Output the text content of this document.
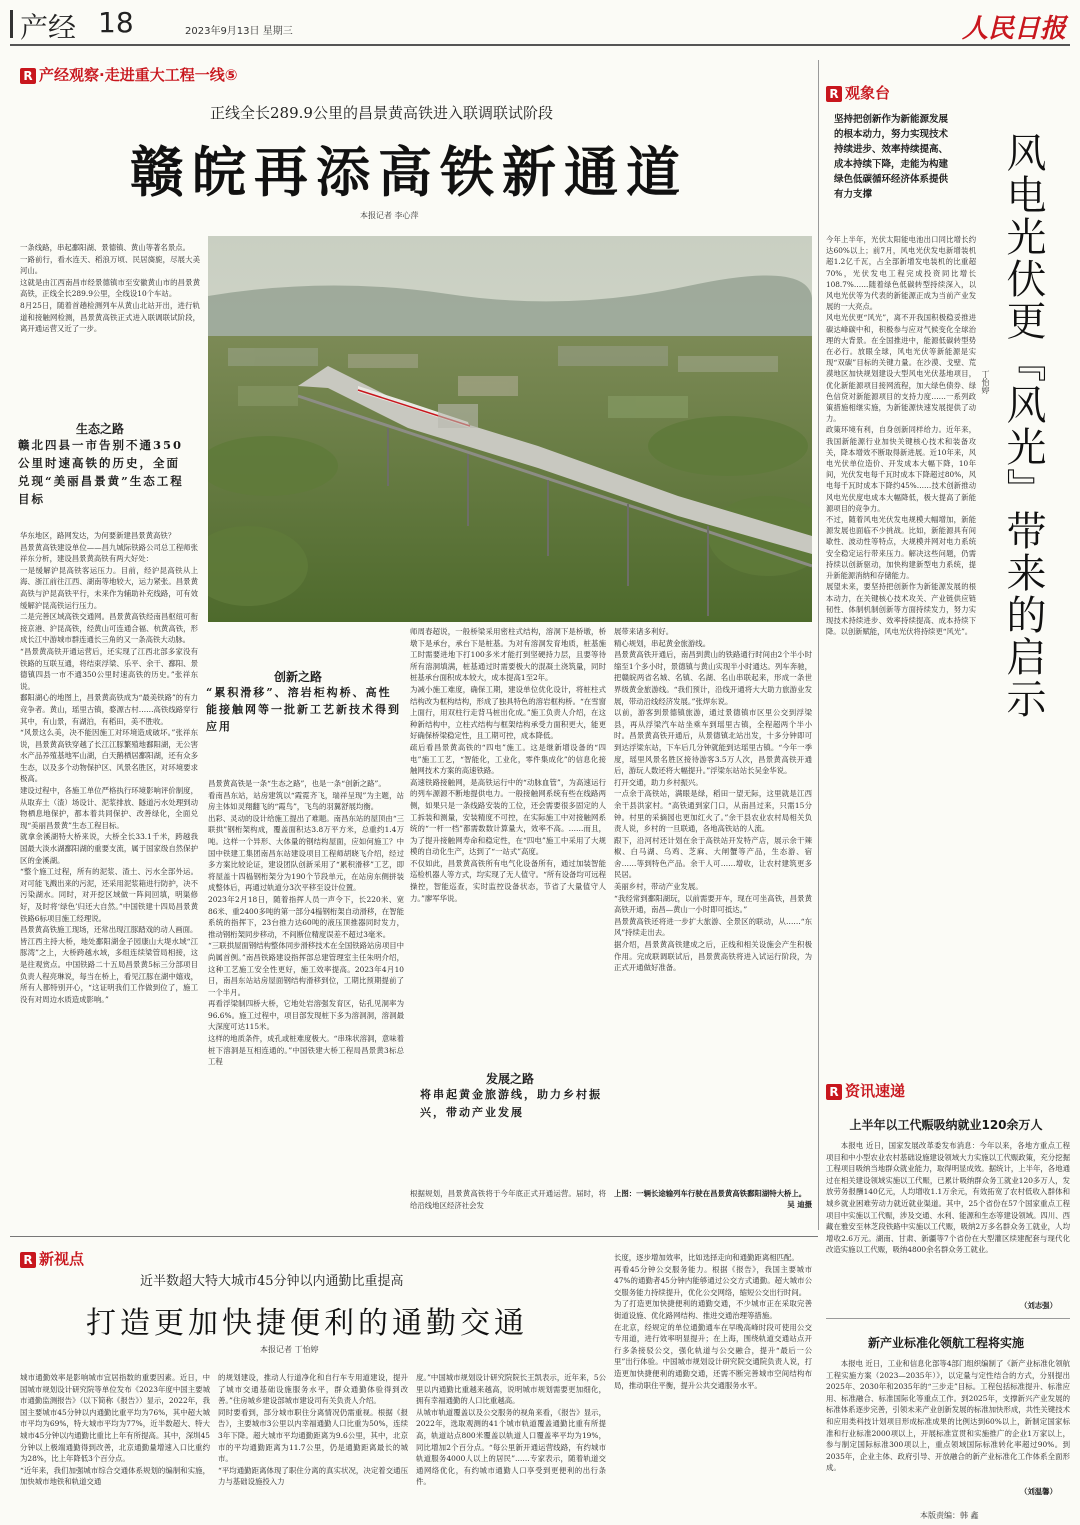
产经 18	2023年9月13日 星期三	人民日报
R 产经观察·走进重大工程一线⑤
正线全长289.9公里的昌景黄高铁进入联调联试阶段
赣皖再添高铁新通道
本报记者 李心萍
一条线路，串起鄱阳湖、景德镇、黄山等著名景点。
一路前行，看水连天、稻浪万顷、民居旖旎，尽展大美河山。
这就是由江西南昌市经景德镇市至安徽黄山市的昌景黄高铁，正线全长289.9公里，全线设10个车站。
8月25日，随着首趟检测列车从黄山北站开出，进行轨道和接触网检测，昌景黄高铁正式进入联调联试阶段，离开通运营又近了一步。
生态之路
赣北四县一市告别不通350公里时速高铁的历史，全面兑现“美丽昌景黄”生态工程目标
华东地区，路网发达，为何要新建昌景黄高铁？
昌景黄高铁建设单位——昌九城际铁路公司总工程师张祥东分析，建设昌景黄高铁有两大好处：
一是缓解沪昆高铁客运压力。目前，经沪昆高铁从上海、浙江前往江西、湖南等地较大，运力紧张。昌景黄高铁与沪昆高铁平行，未来作为辅助补充线路，可有效缓解沪昆高铁运行压力。
二是完善区域高铁交通网。昌景黄高铁经南昌枢纽可衔接京港、沪昆高铁，经黄山可连通合福、杭黄高铁，形成长江中游城市群连通长三角的又一条高铁大动脉。
“昌景黄高铁开通运营后，还实现了江西北部多家没有铁路的互联互通，将结束浮梁、乐平、余干、鄱阳、景德镇四县一市不通350公里时速高铁的历史。”张祥东说。
鄱阳湖心的地图上，昌景黄高铁成为“最美铁路”的有力竞争者。黄山，瑶里古镇，婺源古村……高铁线路穿行其中，有山景，有湖泊，有稻田，美不胜收。
“风景这么美，决不能因施工对环境造成破坏。”张祥东说，昌景黄高铁穿越了长江江豚繁殖地鄱阳湖，无公害水产品养殖基地军山湖，白天鹅栖居鄱阳湖，还有众多生态，以及多个动物保护区、风景名胜区，对环境要求极高。
建设过程中，各施工单位严格执行环境影响评价制度，从取弃土（渣）场设计、泥浆排放、隧道污水处理到动物栖息地保护，都本着共同保护、改善绿化，全面兑现“美丽昌景黄”生态工程目标。
就拿余溪湖特大桥来说，大桥全长33.1千米，跨越我国最大淡水湖鄱阳湖的重要支流，属于国家级自然保护区的金溪湖。
“整个施工过程，所有的泥浆、渣土、污水全部外运。对可能飞溅出来的污泥，还采用泥浆箱进行防护，决不污染湖水。同时，对开挖区域做一阵间回填，明渠修好，及时将‘绿色’归还大自然。”中国铁建十四局昌景黄铁路6标项目施工经理说。
昌景黄高铁施工现场，还常出现江豚踏戏的动人画面。
皆江西主持大桥，地处鄱阳湖金子园康山大堤水域“江豚湾”之上，大桥跨越水域，多组连续梁管局相接，这是往观赏点。中国铁路二十五局昌景黄5标三分部项目负责人程亮琳说，每当在桥上，看见江豚在湖中嬉戏，所有人都特别开心，“这证明我们工作做到位了，施工没有对周边水质造成影响。”
创新之路
“累积滑移”、溶岩柜构桥、高性能接触网等一批新工艺新技术得到应用
昌景黄高铁是一条“生态之路”，也是一条“创新之路”。
看南昌东站，站房建筑以“霞霓齐飞，瑞祥呈现”为主题，站房主体如灵翔翻飞的“霞鸟”，飞鸟的羽翼舒展均衡。
出彩、灵动的设计给施工提出了难题。南昌东站的屋顶由“三联拱”钢桁架构成，覆盖面积达3.8万平方米，总重约1.4万吨。这样一个异形、大体量的钢结构屋面，应如何施工？中国中铁建工集团南昌东站建设项目工程师胡晓飞介绍，经过多方案比较论证，建设团队创新采用了“累积滑移”工艺，即将屋盖十四榀钢桁架分为190个节段单元，在站房东侧拼装成整体后，再通过轨道分3次平移至设计位置。
2023年2月18日，随着指挥人员一声令下，长220米、宽86米、重2400多吨的第一部分4榀钢桁架自动滑移，在智能系统的指挥下，23台推力达60吨的液压顶推器同时发力，推动钢桁架同步移动，不间断位精度误差不超过3毫米。
“三联拱屋面钢结构整体同步滑移技术在全国铁路站房项目中尚属首例。”南昌铁路建设指挥部总建管理室主任朱明介绍，这种工艺施工安全性更好，施工效率提高。2023年4月10日，南昌东站站房屋面钢结构滑移到位，工期比预期提前了一个半月。
再看浮梁制四桥大桥，它地处岩溶强发育区，钻孔见洞率为96.6%。施工过程中，项目部发现桩下多为溶洞洞，溶洞最大深度可达115米。
这样的地质条件，成孔或桩难度极大。“串珠状溶洞，意味着桩下溶洞是互相连通的。”中国铁建大桥工程局昌景黄3标总工程
师周春超说，一般桥梁采用密柱式结构，溶洞下是桥墩，桥墩下是承台，承台下是桩基。为对有溶洞发育地质，桩基施工时需要进地下打100多米才能打到坚硬持力层，且要等待所有溶洞填满，桩基通过时需要极大的混凝土浇筑量，同时桩基承台面积成本较大，成本提高1至2年。
为减小施工难度，确保工期，建设单位优化设计，将桩柱式结构改为框构结构，形成了独具特色的溶岩框构桥。“在雪窗上面行，用双柱行走背马桩出化成。”施工负责人介绍，在这种新结构中，立柱式结构与框架结构承受力面积更大，能更好确保桥梁稳定性，且工期可控，成本降低。
疏后看昌景黄高铁的“四电”施工。这是继新增设备的“四电”施工工艺，“智能化，工业化，零件集成化”的信息化接触网技术方案的高速铁路。
高速铁路接触网，是高铁运行中的“动脉血管”，为高速运行的列车源源不断地提供电力。一般接触网系统有些在线路两侧，如果只是一条线路安装的工位，还会需要很多固定的人工拆装和测量，安装精度不可控，在实际施工中对接触网系统的“一杆一档”都需数数计算量大，效率不高。……而且，为了提升接触网寿命和稳定性，在“四电”施工中采用了大规模的自动化生产，达到了“一站式”高度。
不仅如此，昌景黄高铁所有电气化设备所有，通过加装智能巡检机器人等方式，均实现了无人值守。“所有设备均可远程操控，智能巡查，实时监控设备状态，节省了大量值守人力。”廖军华说。
发展之路
将串起黄金旅游线，助力乡村振兴，带动产业发展
根据规划，昌景黄高铁将于今年底正式开通运营。届时，将给沿线地区经济社会发
展带来诸多利好。
精心规划，串起黄金旅游线。
昌景黄高铁开通后，南昌到黄山的铁路通行时间由2个半小时缩至1个多小时，景德镇与黄山实现半小时通达。列车奔驰，把赣皖两省名城、名镇、名湖、名山串联起来，形成一条世界级黄金旅游线。“我们预计，沿线开通将大大助力旅游业发展，带动沿线经济发展。”张焊东说。
以前，游客到景德镇旅游，通过景德镇市区里公交到浮梁县，再从浮梁汽车站坐乘车到瑶里古镇，全程超两个半小时。昌景黄高铁开通后，从景德镇北站出发，十多分钟即可到达浮梁东站，下车后几分钟就能到达瑶里古镇。“今年一季度，瑶里风景名胜区接待游客3.5万人次，昌景黄高铁开通后，游玩人数还将大幅提升。”浮梁东站站长吴金华说。
打开交通，助力乡村振兴。
一点余于高铁站，满眼是绿，稻田一望无际，这里就是江西余干县洪家村。“高铁通到家门口，从南昌过来，只需15分钟。村里的采摘园也更加红火了。”余干县农业农村局相关负责人说，乡村的一旦联通，各地高铁站的人流。
跟下，沿河村还计划在余于高铁站开发特产店，展示余干辣椒、白马湖、乌鸡、芝麻、大闸蟹等产品，生态游、宿舍……等到特色产品。余干人可……增收，让农村建筑更多民居。
美丽乡村，带动产业发展。
“我经常到鄱阳湖玩，以前需要开车，现在可坐高铁，昌景黄高铁开通，南昌—黄山一小时即可抵达。”
昌景黄高铁还将进一步扩大旅游、全景区的联动，从……“东风”持续走出去。
据介绍，昌景黄高铁建成之后，正线和相关设施会产生积极作用。完成联调联试后，昌景黄高铁将进入试运行阶段，为正式开通做好准备。
上图：一辆长途输列车行驶在昌景黄高铁鄱阳湖特大桥上。
吴 迪摄
R 观象台
坚持把创新作为新能源发展的根本动力，努力实现技术持续进步、效率持续提高、成本持续下降，走能为构建绿色低碳循环经济体系提供有力支撑	风电光伏更『风光』带来的启示
丁怡婷
今年上半年，光伏太阳能电池出口同比增长约达60%以上；前7月，风电光伏发电新增装机超1.2亿千瓦，占全部新增发电装机的比重超70%，光伏发电工程完成投资同比增长108.7%……随着绿色低碳转型持续深入，以风电光伏等为代表的新能源正成为当前产业发展的一大亮点。
风电光伏更“风光”，离不开我国积极稳妥推进碳达峰碳中和，积极参与应对气候变化全球治理的大背景。在全国推进中，能源低碳转型势在必行。放眼全球，风电光伏等新能源是实现“双碳”目标的关键力量。在沙漠、戈壁、荒漠地区加快规划建设大型风电光伏基地项目，优化新能源项目接网流程，加大绿色债券、绿色信贷对新能源项目的支持力度……一系列政策措施相继实施，为新能源快速发展提供了动力。
政策环境有利，自身创新同样给力。近年来，我国新能源行业加快关键核心技术和装备攻关，降本增效不断取得新进展。近10年来，风电光伏单位造价、开发成本大幅下降，10年间，光伏发电每千瓦时成本下降超过80%，风电每千瓦时成本下降约45%……技术创新推动风电光伏度电成本大幅降低，极大提高了新能源项目的竞争力。
不过，随着风电光伏发电规模大幅增加，新能源发展也面临不少挑战。比如，新能源具有间歇性、波动性等特点，大规模并网对电力系统安全稳定运行带来压力。解决这些问题，仍需持续以创新驱动，加快构建新型电力系统，提升新能源消纳和存储能力。
展望未来，要坚持把创新作为新能源发展的根本动力，在关键核心技术攻关、产业链供应链韧性、体制机制创新等方面持续发力，努力实现技术持续进步、效率持续提高、成本持续下降。以创新赋能，风电光伏将持续更“风光”。
R 资讯速递
上半年以工代赈吸纳就业120余万人
本报电 近日，国家发展改革委发布消息：今年以来，各地方重点工程项目和中小型农业农村基础设施建设领域大力实施以工代赈政策，充分挖掘工程项目吸纳当地群众就业能力，取得明显成效。据统计，上半年，各地通过在相关建设领域实施以工代赈，已累计吸纳群众务工就业120多万人，发放劳务报酬140亿元，人均增收1.1万余元，有效拓宽了农村低收入群体和城乡就业困难劳动力就近就业渠道。其中，25个省份在57个国家重点工程项目中实施以工代赈，涉及交通、水利、能源和生态等建设领域。四川、西藏在雅安至林芝段铁路中实施以工代赈，吸纳2万多名群众务工就业，人均增收2.6万元。湖南、甘肃、新疆等7个省份在大型灌区续建配套与现代化改造实施以工代赈，吸纳4800余名群众务工就业。
（刘志强）
新产业标准化领航工程将实施
本报电 近日，工业和信息化部等4部门组织编制了《新产业标准化领航工程实施方案（2023—2035年）》，以定量与定性结合的方式，分别提出2025年、2030年和2035年的“三步走”目标。工程包括标准提升、标准应用、标准融合、标准国际化等重点工作。到2025年，支撑新兴产业发展的标准体系逐步完善，引领未来产业创新发展的标准加快形成，共性关键技术和应用类科技计划项目形成标准成果的比例达到60%以上，新制定国家标准和行业标准2000项以上，开展标准宣贯和实施推广的企业1万家以上，参与制定国际标准300项以上，重点领域国际标准转化率超过90%。到2035年，企业主体、政府引导、开放融合的新产业标准化工作体系全面形成。
（刘温馨）
R 新视点
近半数超大特大城市45分钟以内通勤比重提高
打造更加快捷便利的通勤交通
本报记者 丁怡婷
城市通勤效率是影响城市宜居指数的重要因素。近日，中国城市规划设计研究院等单位发布《2023年度中国主要城市通勤监测报告》（以下简称《报告》）显示，2022年，我国主要城市45分钟以内通勤比重平均为76%，其中超大城市平均为69%，特大城市平均为77%，近半数超大、特大城市45分钟以内通勤比重比上年有所提高。其中，深圳45分钟以上极端通勤得到改善，北京通勤量增速入口比重约为28%，比上年降低3个百分点。
“近年来，我们加强城市综合交通体系规划的编制和实施，加快城市地铁和轨道交通
的规划建设，推动人行道净化和自行车专用道建设，提升了城市交通基础设施服务水平，群众通勤体验得到改善。”住房城乡建设部城市建设司有关负责人介绍。
同时要看到，部分城市职住分离情况仍需重视。根据《报告》，主要城市3公里以内幸福通勤人口比重为50%，连续3年下降。超大城市平均通勤距离为9.6公里，其中，北京市的平均通勤距离为11.7公里，仍是通勤距离最长的城市。
“平均通勤距离体现了职住分离的真实状况，决定着交通压力与基础设施投入力
度。”中国城市规划设计研究院院长王凯表示，近年来，5公里以内通勤比重越来越高，说明城市规划需要更加细化，拥有幸福通勤的人口比重越高。
从城市轨道覆盖以及公交服务的视角来看，《报告》显示，2022年，选取观测的41个城市轨道覆盖通勤比重有所提高，轨道站点800米覆盖以轨道人口覆盖率平均为19%，同比增加2个百分点。“每公里新开通运营线路，有约城市轨道服务4000人以上的居民”……专家表示，随着轨道交通网络优化，有约城市通勤人口享受到更便利的出行条件。
长度，逐步增加效率，比如选择走向和通勤距离相匹配。
再看45分钟公交服务能力。根据《报告》，我国主要城市47%的通勤者45分钟内能够通过公交方式通勤。超大城市公交服务能力持续提升，优化公交网络，缩短公交出行时间。
为了打造更加快捷便利的通勤交通，不少城市正在采取完善街道设施、优化路网结构、推进交通治理等措施。
在北京，经规定的单位通勤通车在早晚高峰时段可使用公交专用道，进行效率明显提升；在上海，围绕轨道交通站点开行多条接驳公交，强化轨道与公交融合，提升“最后一公里”出行体验。中国城市规划设计研究院交通院负责人说，打造更加快捷便利的通勤交通，还需不断完善城市空间结构布局，推动职住平衡，提升公共交通服务水平。
本版责编：韩 鑫
